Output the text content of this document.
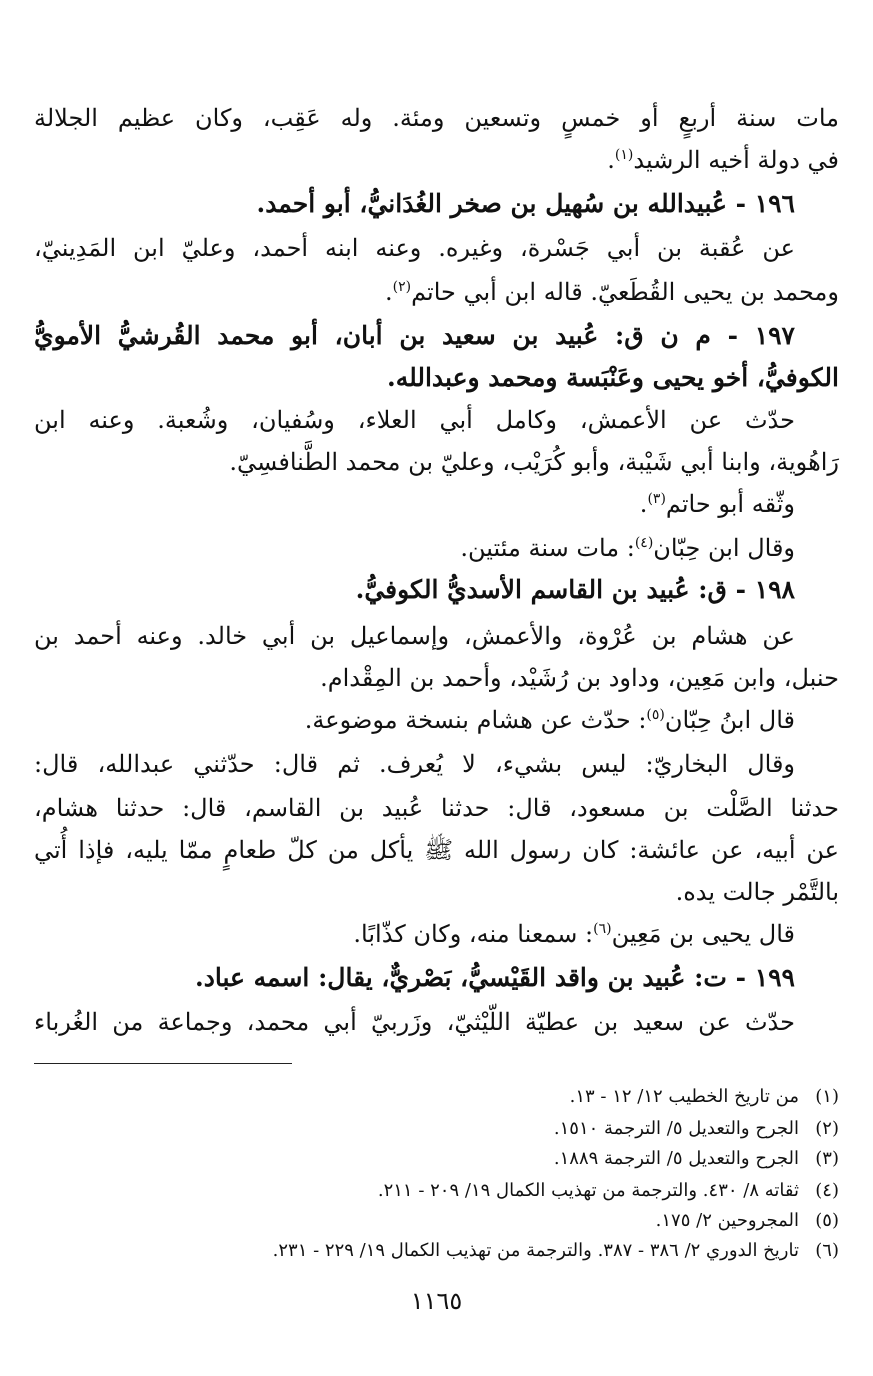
مات سنة أربعٍ أو خمسٍ وتسعين ومئة. وله عَقِب، وكان عظيم الجلالة
في دولة أخيه الرشيد$^{(١)}$.
١٩٦ - عُبيدالله بن سُهيل بن صخر الغُدَانيُّ، أبو أحمد.
عن عُقبة بن أبي جَسْرة، وغيره. وعنه ابنه أحمد، وعليّ ابن المَدِينيّ،
ومحمد بن يحيى القُطَعيّ. قاله ابن أبي حاتم$^{(٢)}$.
١٩٧ - م ن ق: عُبيد بن سعيد بن أبان، أبو محمد القُرشيُّ الأمويُّ
الكوفيُّ، أخو يحيى وعَنْبَسة ومحمد وعبدالله.
حدّث عن الأعمش، وكامل أبي العلاء، وسُفيان، وشُعبة. وعنه ابن
رَاهُوية، وابنا أبي شَيْبة، وأبو كُرَيْب، وعليّ بن محمد الطَّنافسِيّ.
وثّقه أبو حاتم$^{(٣)}$.
وقال ابن حِبّان$^{(٤)}$: مات سنة مئتين.
١٩٨ - ق: عُبيد بن القاسم الأسديُّ الكوفيُّ.
عن هشام بن عُرْوة، والأعمش، وإسماعيل بن أبي خالد. وعنه أحمد بن
حنبل، وابن مَعِين، وداود بن رُشَيْد، وأحمد بن المِقْدام.
قال ابنُ حِبّان$^{(٥)}$: حدّث عن هشام بنسخة موضوعة.
وقال البخاريّ: ليس بشيء، لا يُعرف. ثم قال: حدّثني عبدالله، قال:
حدثنا الصَّلْت بن مسعود، قال: حدثنا عُبيد بن القاسم، قال: حدثنا هشام،
عن أبيه، عن عائشة: كان رسول الله ﷺ يأكل من كلّ طعامٍ ممّا يليه، فإذا أُتي
بالتَّمْر جالت يده.
قال يحيى بن مَعِين$^{(٦)}$: سمعنا منه، وكان كذّابًا.
١٩٩ - ت: عُبيد بن واقد القَيْسيُّ، بَصْريٌّ، يقال: اسمه عباد.
حدّث عن سعيد بن عطيّة اللّيْثيّ، وزَربيّ أبي محمد، وجماعة من الغُرباء
(١)من تاريخ الخطيب ١٢/ ١٢ - ١٣.
(٢)الجرح والتعديل ٥/ الترجمة ١٥١٠.
(٣)الجرح والتعديل ٥/ الترجمة ١٨٨٩.
(٤)ثقاته ٨/ ٤٣٠. والترجمة من تهذيب الكمال ١٩/ ٢٠٩ - ٢١١.
(٥)المجروحين ٢/ ١٧٥.
(٦)تاريخ الدوري ٢/ ٣٨٦ - ٣٨٧. والترجمة من تهذيب الكمال ١٩/ ٢٢٩ - ٢٣١.
١١٦٥
